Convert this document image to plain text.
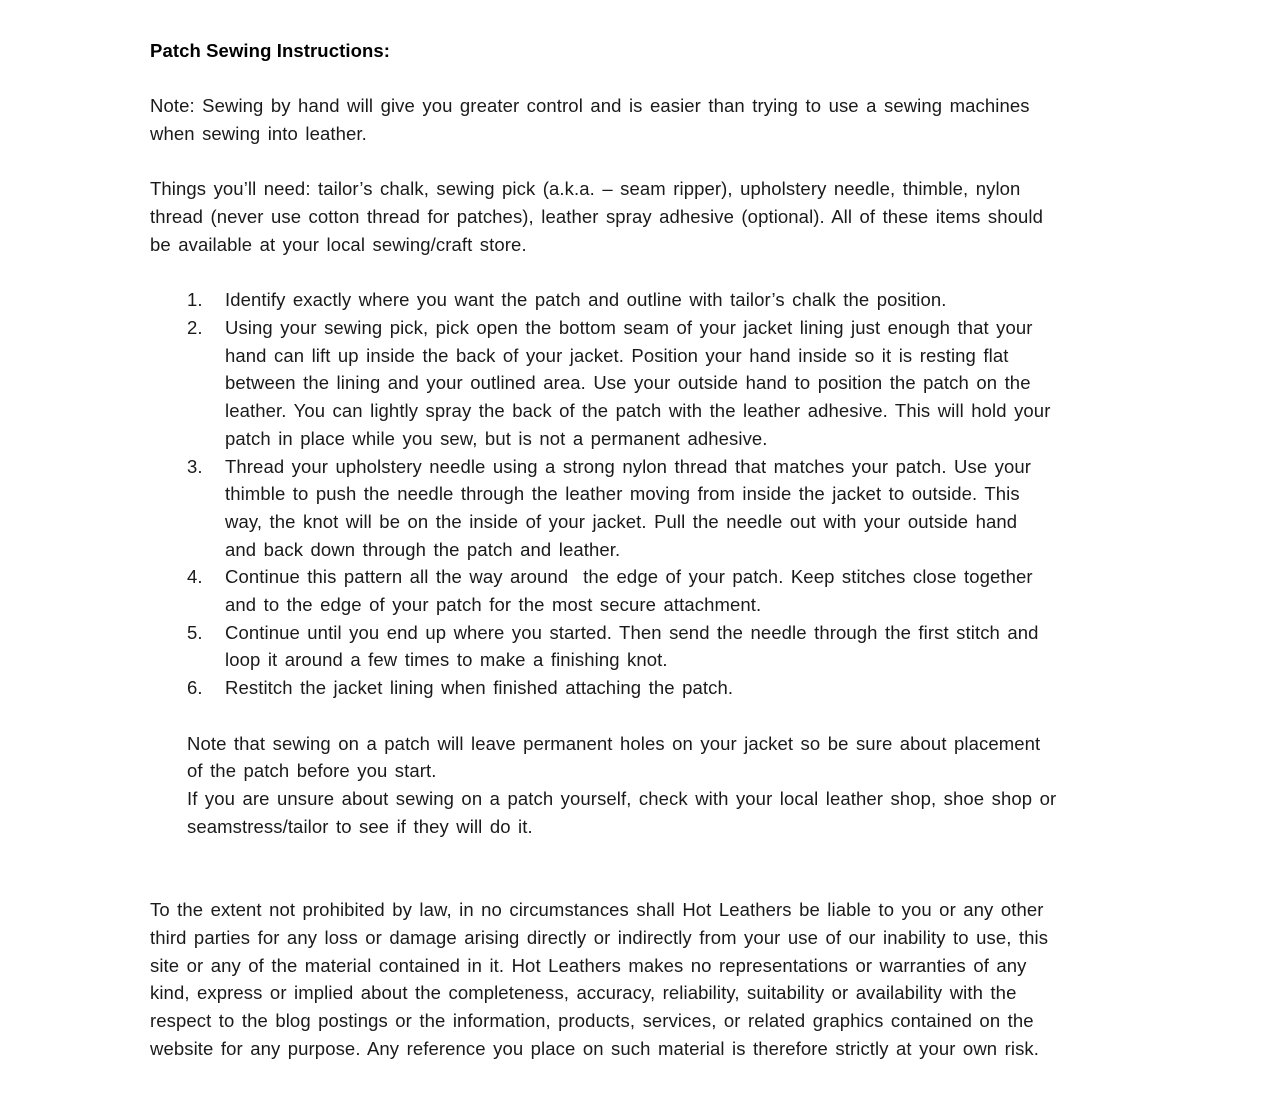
Patch Sewing Instructions:
Note: Sewing by hand will give you greater control and is easier than trying to use a sewing machines
when sewing into leather.
Things you’ll need: tailor’s chalk, sewing pick (a.k.a. – seam ripper), upholstery needle, thimble, nylon
thread (never use cotton thread for patches), leather spray adhesive (optional). All of these items should
be available at your local sewing/craft store.
1.	Identify exactly where you want the patch and outline with tailor’s chalk the position.
2.	Using your sewing pick, pick open the bottom seam of your jacket lining just enough that your
hand can lift up inside the back of your jacket. Position your hand inside so it is resting flat
between the lining and your outlined area. Use your outside hand to position the patch on the
leather. You can lightly spray the back of the patch with the leather adhesive. This will hold your
patch in place while you sew, but is not a permanent adhesive.
3.	Thread your upholstery needle using a strong nylon thread that matches your patch. Use your
thimble to push the needle through the leather moving from inside the jacket to outside. This
way, the knot will be on the inside of your jacket. Pull the needle out with your outside hand
and back down through the patch and leather.
4.	Continue this pattern all the way around  the edge of your patch. Keep stitches close together
and to the edge of your patch for the most secure attachment.
5.	Continue until you end up where you started. Then send the needle through the first stitch and
loop it around a few times to make a finishing knot.
6.	Restitch the jacket lining when finished attaching the patch.
Note that sewing on a patch will leave permanent holes on your jacket so be sure about placement
of the patch before you start.
If you are unsure about sewing on a patch yourself, check with your local leather shop, shoe shop or
seamstress/tailor to see if they will do it.
To the extent not prohibited by law, in no circumstances shall Hot Leathers be liable to you or any other
third parties for any loss or damage arising directly or indirectly from your use of our inability to use, this
site or any of the material contained in it. Hot Leathers makes no representations or warranties of any
kind, express or implied about the completeness, accuracy, reliability, suitability or availability with the
respect to the blog postings or the information, products, services, or related graphics contained on the
website for any purpose. Any reference you place on such material is therefore strictly at your own risk.
